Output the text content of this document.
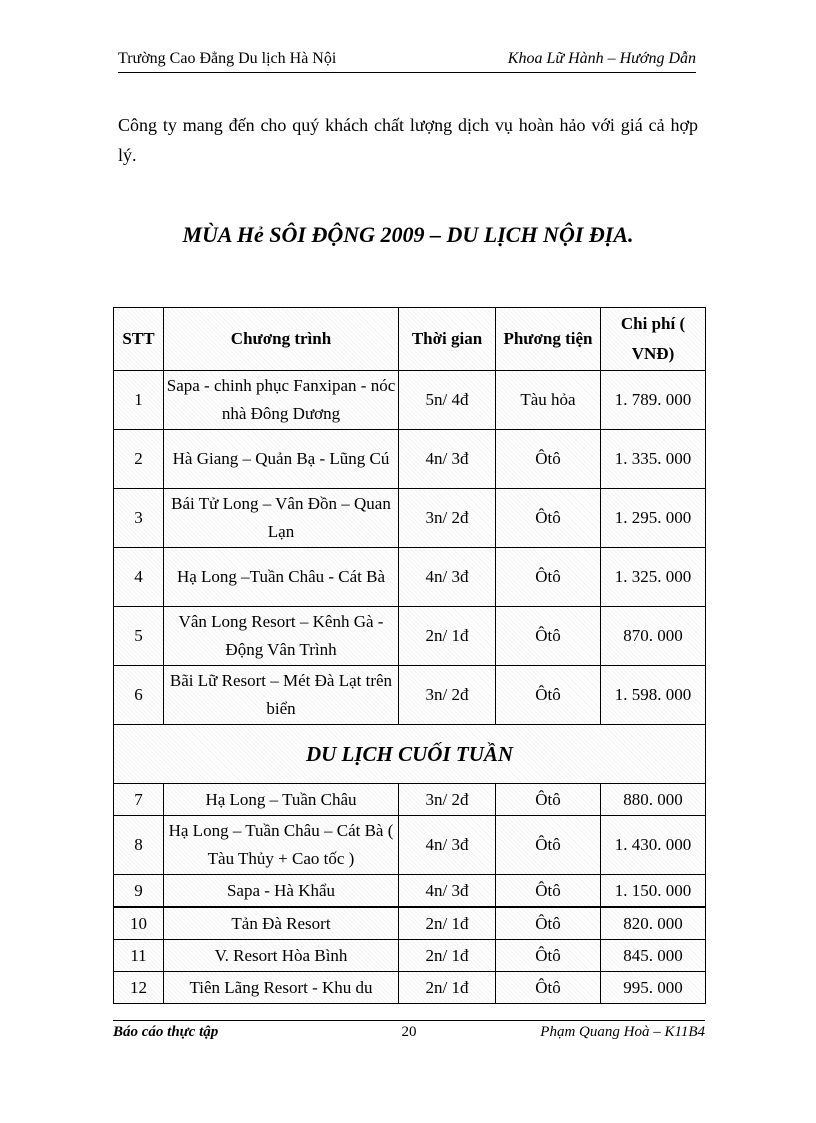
Trường Cao Đẳng Du lịch Hà Nội	Khoa Lữ Hành – Hướng Dẫn
Công ty mang đến cho quý khách chất lượng dịch vụ hoàn hảo với giá cả hợp lý.
MÙA Hẻ SÔI ĐỘNG 2009 – DU LỊCH NỘI ĐỊA.
STT	Chương trình	Thời gian	Phương tiện	Chi phí ( VNĐ)
1	Sapa - chinh phục Fanxipan - nóc nhà Đông Dương	5n/ 4đ	Tàu hỏa	1. 789. 000
2	Hà Giang – Quản Bạ - Lũng Cú	4n/ 3đ	Ôtô	1. 335. 000
3	Bái Tử Long – Vân Đồn – Quan Lạn	3n/ 2đ	Ôtô	1. 295. 000
4	Hạ Long –Tuần Châu - Cát Bà	4n/ 3đ	Ôtô	1. 325. 000
5	Vân Long Resort – Kênh Gà - Động Vân Trình	2n/ 1đ	Ôtô	870. 000
6	Bãi Lữ Resort – Mét Đà Lạt trên biển	3n/ 2đ	Ôtô	1. 598. 000
DU LỊCH CUỐI TUẦN				
7	Hạ Long – Tuần Châu	3n/ 2đ	Ôtô	880. 000
8	Hạ Long – Tuần Châu – Cát Bà ( Tàu Thủy + Cao tốc )	4n/ 3đ	Ôtô	1. 430. 000
9	Sapa - Hà Khẩu	4n/ 3đ	Ôtô	1. 150. 000
10	Tản Đà Resort	2n/ 1đ	Ôtô	820. 000
11	V. Resort Hòa Bình	2n/ 1đ	Ôtô	845. 000
12	Tiên Lãng Resort - Khu du	2n/ 1đ	Ôtô	995. 000
Báo cáo thực tập	20	Phạm Quang Hoà – K11B4
